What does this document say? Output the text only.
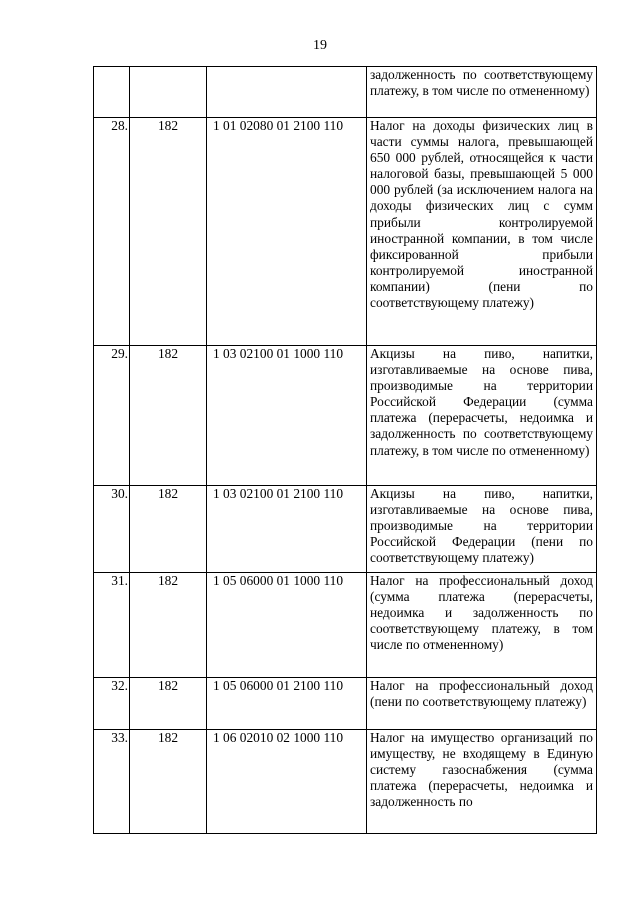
19

			задолженность по соответствующему платежу, в том числе по отмененному)

28.	182	1 01 02080 01 2100 110	Налог на доходы физических лиц в части суммы налога, превышающей 650 000 рублей, относящейся к части налоговой базы, превышающей 5 000 000 рублей (за исключением налога на доходы физических лиц с сумм прибыли контролируемой иностранной компании, в том числе фиксированной прибыли контролируемой иностранной компании) (пени по соответствующему платежу)

29.	182	1 03 02100 01 1000 110	Акцизы на пиво, напитки, изготавливаемые на основе пива, производимые на территории Российской Федерации (сумма платежа (перерасчеты, недоимка и задолженность по соответствующему платежу, в том числе по отмененному)

30.	182	1 03 02100 01 2100 110	Акцизы на пиво, напитки, изготавливаемые на основе пива, производимые на территории Российской Федерации (пени по соответствующему платежу)

31.	182	1 05 06000 01 1000 110	Налог на профессиональный доход (сумма платежа (перерасчеты, недоимка и задолженность по соответствующему платежу, в том числе по отмененному)

32.	182	1 05 06000 01 2100 110	Налог на профессиональный доход (пени по соответствующему платежу)

33.	182	1 06 02010 02 1000 110	Налог на имущество организаций по имуществу, не входящему в Единую систему газоснабжения (сумма платежа (перерасчеты, недоимка и задолженность по
